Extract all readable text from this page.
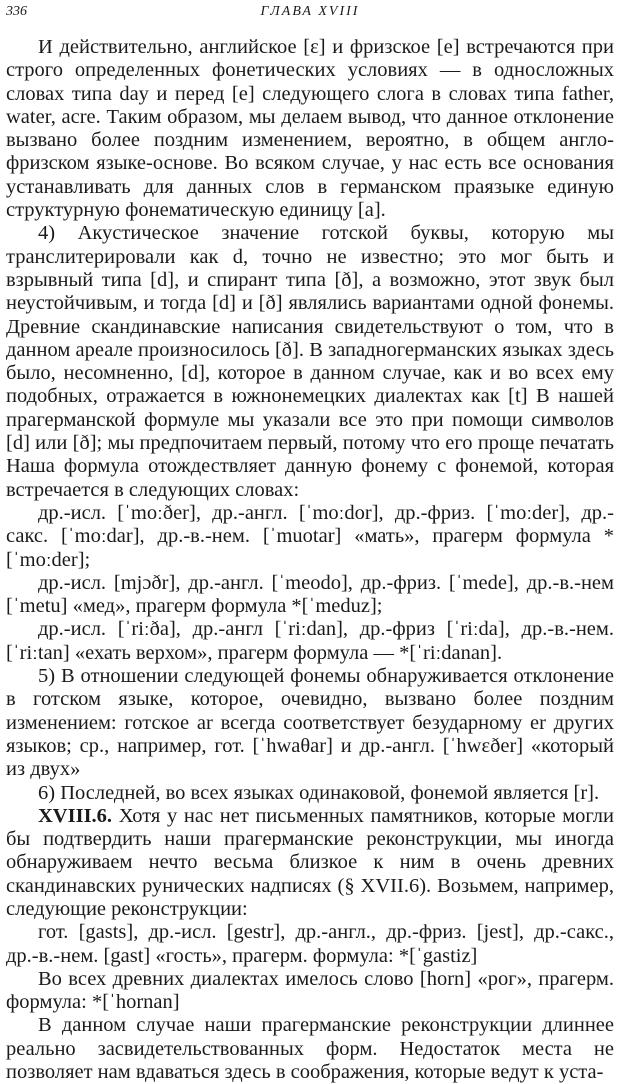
336	ГЛАВА XVIII

И действительно, английское [ɛ] и фризское [e] встречаются при строго определенных фонетических условиях — в односложных словах типа day и перед [e] следующего слога в словах типа father, water, acre. Таким образом, мы делаем вывод, что данное отклонение вызвано более поздним изменением, вероятно, в общем англо-фризском языке-основе. Во всяком случае, у нас есть все основания устанавливать для данных слов в германском праязыке единую структурную фонематическую единицу [a].

4) Акустическое значение готской буквы, которую мы транслитерировали как d, точно не известно; это мог быть и взрывный типа [d], и спирант типа [ð], а возможно, этот звук был неустойчивым, и тогда [d] и [ð] являлись вариантами одной фонемы. Древние скандинавские написания свидетельствуют о том, что в данном ареале произносилось [ð]. В западногерманских языках здесь было, несомненно, [d], которое в данном случае, как и во всех ему подобных, отражается в южнонемецких диалектах как [t] В нашей прагерманской формуле мы указали все это при помощи символов [d] или [ð]; мы предпочитаем первый, потому что его проще печатать Наша формула отождествляет данную фонему с фонемой, которая встречается в следующих словах:

др.-исл. [ˈmoːðer], др.-англ. [ˈmoːdor], др.-фриз. [ˈmoːder], др.-сакс. [ˈmoːdar], др.-в.-нем. [ˈmuotar] «мать», прагерм формула *[ˈmoːder];

др.-исл. [mjɔðr], др.-англ. [ˈmeodo], др.-фриз. [ˈmede], др.-в.-нем [ˈmetu] «мед», прагерм формула *[ˈmeduz];

др.-исл. [ˈriːða], др.-англ [ˈriːdan], др.-фриз [ˈriːda], др.-в.-нем. [ˈriːtan] «ехать верхом», прагерм формула — *[ˈriːdanan].

5) В отношении следующей фонемы обнаруживается отклонение в готском языке, которое, очевидно, вызвано более поздним изменением: готское ar всегда соответствует безударному er других языков; ср., например, гот. [ˈhwaθar] и др.-англ. [ˈhwɛðer] «который из двух»

6) Последней, во всех языках одинаковой, фонемой являетcя [r].

XVIII.6. Хотя у нас нет письменных памятников, которые могли бы подтвердить наши прагерманские реконструкции, мы иногда обнаруживаем нечто весьма близкое к ним в очень древних скандинавских рунических надписях (§ XVII.6). Возьмем, например, следующие реконструкции:

гот. [gasts], др.-исл. [gestr], др.-англ., др.-фриз. [jest], др.-сакс., др.-в.-нем. [gast] «гость», прагерм. формула: *[ˈgastiz]

Во всех древних диалектах имелось слово [horn] «рог», прагерм. формула: *[ˈhornan]

В данном случае наши прагерманские реконструкции длиннее реально засвидетельствованных форм. Недостаток места не позволяет нам вдаваться здесь в соображения, которые ведут к уста-
